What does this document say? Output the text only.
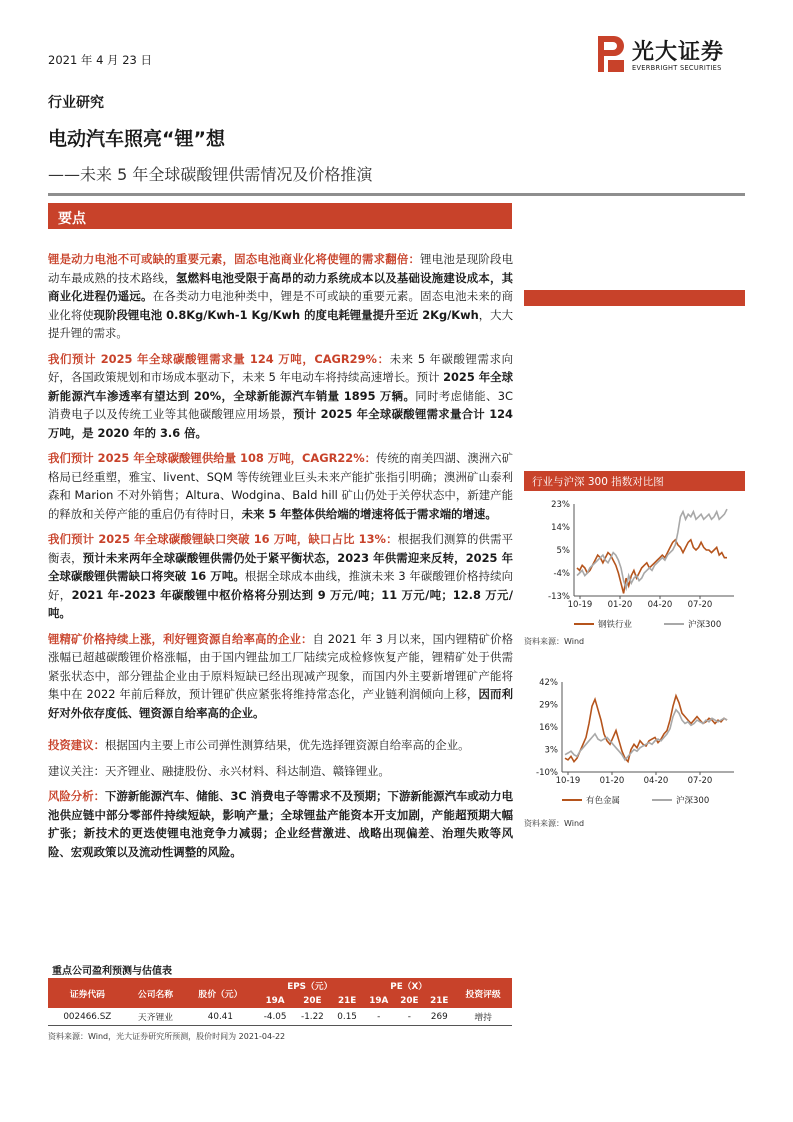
2021 年 4 月 23 日	光大证券
EVERBRIGHT SECURITIES
行业研究
电动汽车照亮“锂”想
——未来 5 年全球碳酸锂供需情况及价格推演
要点
行业与沪深 300 指数对比图

锂是动力电池不可或缺的重要元素，固态电池商业化将使锂的需求翻倍：锂电池是现阶段电动车最成熟的技术路线，氢燃料电池受限于高昂的动力系统成本以及基础设施建设成本，其商业化进程仍遥远。在各类动力电池种类中，锂是不可或缺的重要元素。固态电池未来的商业化将使现阶段锂电池 0.8Kg/Kwh-1 Kg/Kwh 的度电耗锂量提升至近 2Kg/Kwh，大大提升锂的需求。

我们预计 2025 年全球碳酸锂需求量 124 万吨，CAGR29%：未来 5 年碳酸锂需求向好，各国政策规划和市场成本驱动下，未来 5 年电动车将持续高速增长。预计 2025 年全球新能源汽车渗透率有望达到 20%，全球新能源汽车销量 1895 万辆。同时考虑储能、3C 消费电子以及传统工业等其他碳酸锂应用场景，预计 2025 年全球碳酸锂需求量合计 124 万吨，是 2020 年的 3.6 倍。

我们预计 2025 年全球碳酸锂供给量 108 万吨，CAGR22%：传统的南美四湖、澳洲六矿格局已经重塑，雅宝、livent、SQM 等传统锂业巨头未来产能扩张指引明确；澳洲矿山泰利森和 Marion 不对外销售；Altura、Wodgina、Bald hill 矿山仍处于关停状态中，新建产能的释放和关停产能的重启仍有待时日，未来 5 年整体供给端的增速将低于需求端的增速。

我们预计 2025 年全球碳酸锂缺口突破 16 万吨，缺口占比 13%：根据我们测算的供需平衡表，预计未来两年全球碳酸锂供需仍处于紧平衡状态，2023 年供需迎来反转，2025 年全球碳酸锂供需缺口将突破 16 万吨。根据全球成本曲线，推演未来 3 年碳酸锂价格持续向好，2021 年-2023 年碳酸锂中枢价格将分别达到 9 万元/吨；11 万元/吨；12.8 万元/吨。

锂精矿价格持续上涨，利好锂资源自给率高的企业：自 2021 年 3 月以来，国内锂精矿价格涨幅已超越碳酸锂价格涨幅，由于国内锂盐加工厂陆续完成检修恢复产能，锂精矿处于供需紧张状态中，部分锂盐企业由于原料短缺已经出现减产现象，而国内外主要新增锂矿产能将集中在 2022 年前后释放，预计锂矿供应紧张将维持常态化，产业链利润倾向上移，因而利好对外依存度低、锂资源自给率高的企业。

投资建议：根据国内主要上市公司弹性测算结果，优先选择锂资源自给率高的企业。

建议关注：天齐锂业、融捷股份、永兴材料、科达制造、赣锋锂业。

风险分析：下游新能源汽车、储能、3C 消费电子等需求不及预期；下游新能源汽车或动力电池供应链中部分零部件持续短缺，影响产量；全球锂盐产能资本开支加剧，产能超预期大幅扩张；新技术的更迭使锂电池竞争力减弱；企业经营激进、战略出现偏差、治理失败等风险、宏观政策以及流动性调整的风险。

23%
14%
5%
-4%
-13%
10-19 01-20 04-20 07-20
钢铁行业	沪深300
资料来源：Wind
42%
29%
16%
3%
-10%
10-19 01-20 04-20 07-20
有色金属	沪深300
资料来源：Wind
重点公司盈利预测与估值表
证券代码	公司名称	股价（元）	EPS（元）			PE（X）			投资评级
			19A	20E	21E	19A	20E	21E	
002466.SZ	天齐锂业	40.41	-4.05	-1.22	0.15	-	-	269	增持
资料来源：Wind，光大证券研究所预测，股价时间为 2021-04-22
